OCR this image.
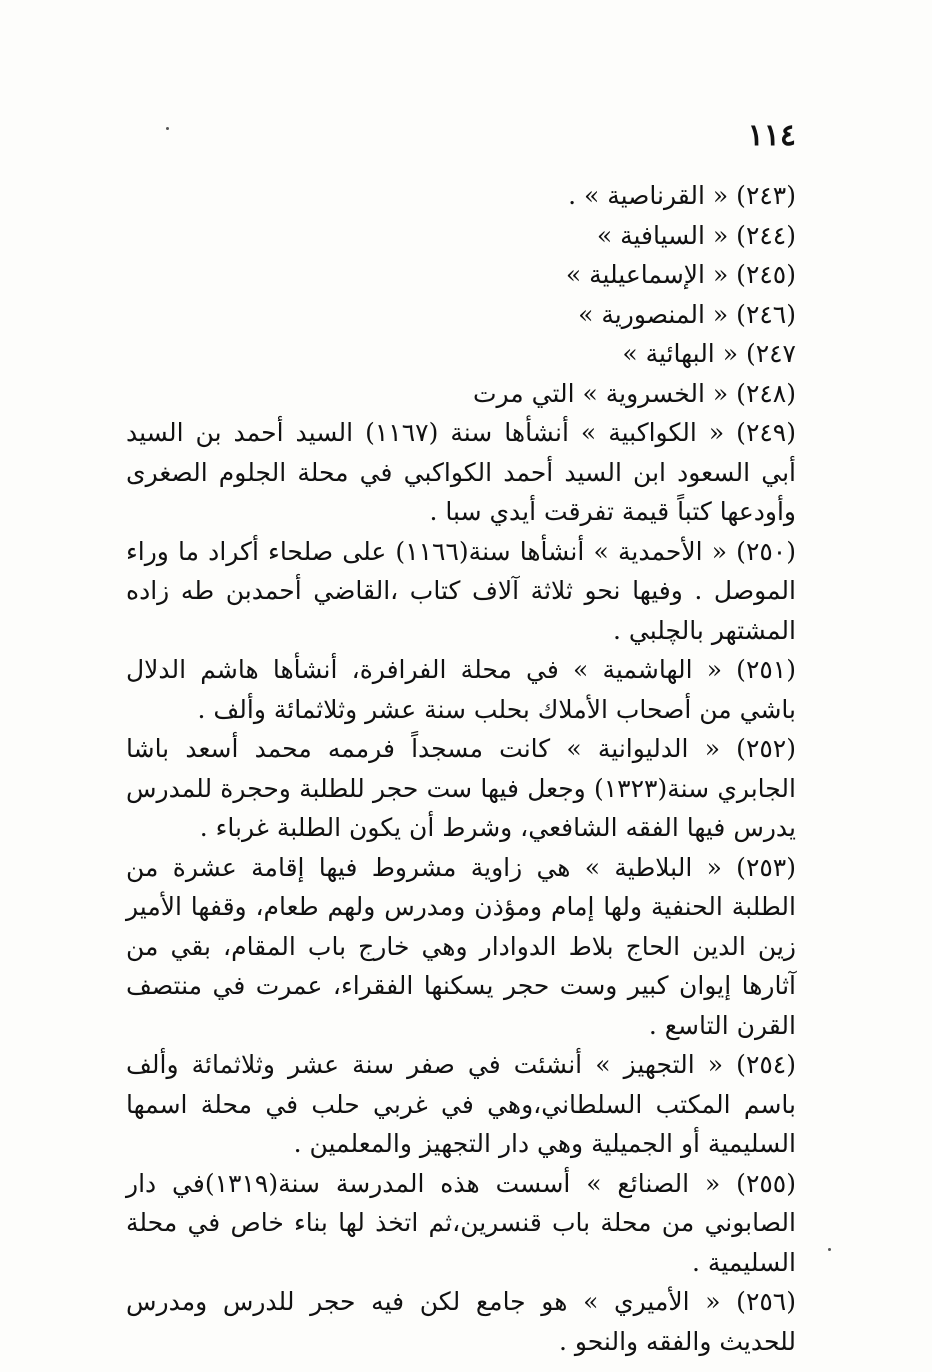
١١٤

(٢٤٣) « القرناصية » .

(٢٤٤) « السيافية »

(٢٤٥) « الإسماعيلية »

(٢٤٦) « المنصورية »

٢٤٧) « البهائية »

(٢٤٨) « الخسروية » التي مرت

(٢٤٩) « الكواكبية » أنشأها سنة (١١٦٧) السيد أحمد بن السيد أبي السعود ابن السيد أحمد الكواكبي في محلة الجلوم الصغرى وأودعها كتباً قيمة تفرقت أيدي سبا .

(٢٥٠) « الأحمدية » أنشأها سنة(١١٦٦) على صلحاء أكراد ما وراء الموصل . وفيها نحو ثلاثة آلاف كتاب ،القاضي أحمدبن طه زاده المشتهر بالچلبي .

(٢٥١) « الهاشمية » في محلة الفرافرة، أنشأها هاشم الدلال باشي من أصحاب الأملاك بحلب سنة عشر وثلاثمائة وألف .

(٢٥٢) « الدليوانية » كانت مسجداً فرممه محمد أسعد باشا الجابري سنة(١٣٢٣) وجعل فيها ست حجر للطلبة وحجرة للمدرس يدرس فيها الفقه الشافعي، وشرط أن يكون الطلبة غرباء .

(٢٥٣) « البلاطية » هي زاوية مشروط فيها إقامة عشرة من الطلبة الحنفية ولها إمام ومؤذن ومدرس ولهم طعام، وقفها الأمير زين الدين الحاج بلاط الدوادار وهي خارج باب المقام، بقي من آثارها إيوان كبير وست حجر يسكنها الفقراء، عمرت في منتصف القرن التاسع .

(٢٥٤) « التجهيز » أنشئت في صفر سنة عشر وثلاثمائة وألف باسم المكتب السلطاني،وهي في غربي حلب في محلة اسمها السليمية أو الجميلية وهي دار التجهيز والمعلمين .

(٢٥٥) « الصنائع » أسست هذه المدرسة سنة(١٣١٩)في دار الصابوني من محلة باب قنسرين،ثم اتخذ لها بناء خاص في محلة السليمية .

(٢٥٦) « الأميري » هو جامع لكن فيه حجر للدرس ومدرس للحديث والفقه والنحو .
